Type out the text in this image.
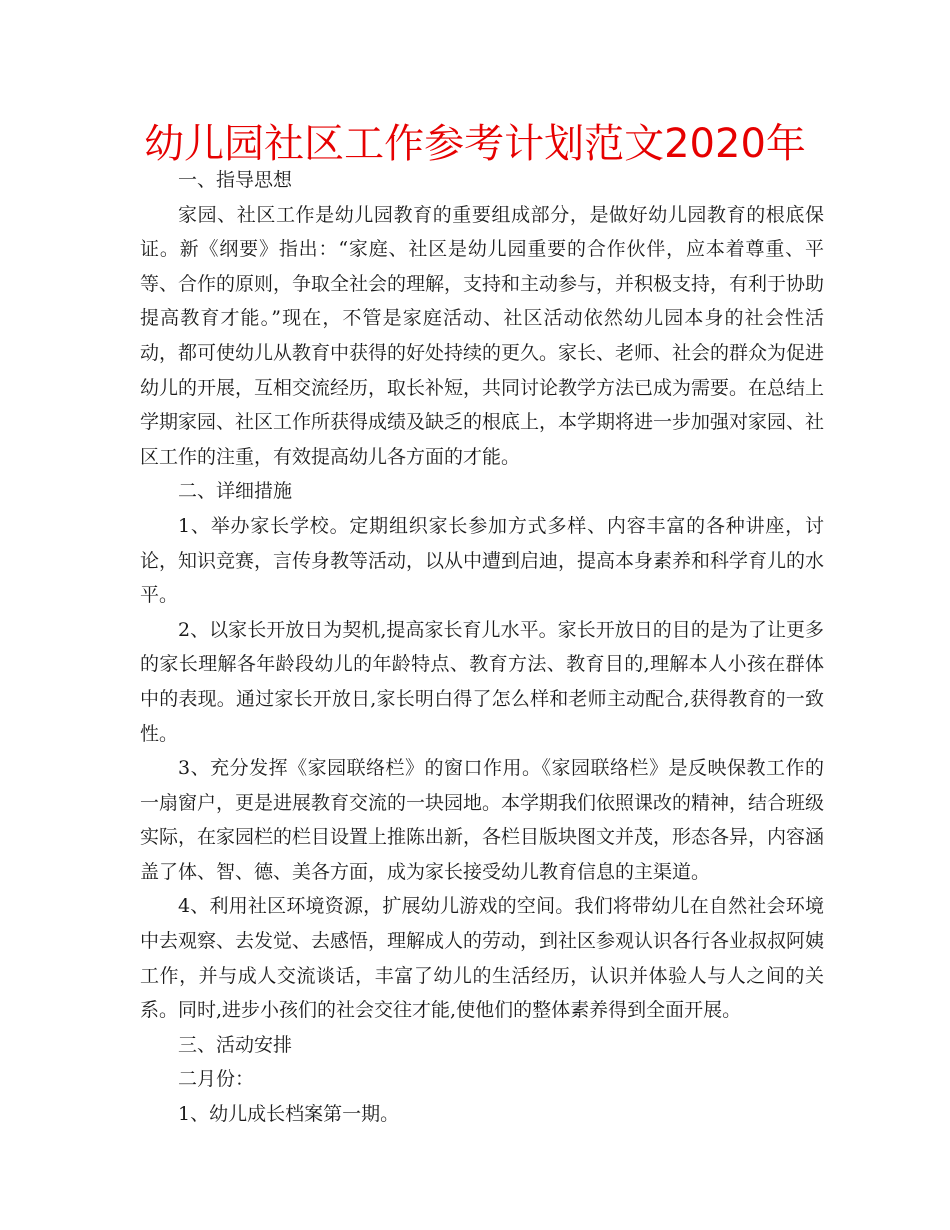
幼儿园社区工作参考计划范文2020年

一、指导思想

家园、社区工作是幼儿园教育的重要组成部分，是做好幼儿园教育的根底保证。新《纲要》指出：“家庭、社区是幼儿园重要的合作伙伴，应本着尊重、平等、合作的原则，争取全社会的理解，支持和主动参与，并积极支持，有利于协助提高教育才能。”现在，不管是家庭活动、社区活动依然幼儿园本身的社会性活动，都可使幼儿从教育中获得的好处持续的更久。家长、老师、社会的群众为促进幼儿的开展，互相交流经历，取长补短，共同讨论教学方法已成为需要。在总结上学期家园、社区工作所获得成绩及缺乏的根底上，本学期将进一步加强对家园、社区工作的注重，有效提高幼儿各方面的才能。

二、详细措施

1、举办家长学校。定期组织家长参加方式多样、内容丰富的各种讲座，讨论，知识竞赛，言传身教等活动，以从中遭到启迪，提高本身素养和科学育儿的水平。

2、以家长开放日为契机,提高家长育儿水平。家长开放日的目的是为了让更多的家长理解各年龄段幼儿的年龄特点、教育方法、教育目的,理解本人小孩在群体中的表现。通过家长开放日,家长明白得了怎么样和老师主动配合,获得教育的一致性。

3、充分发挥《家园联络栏》的窗口作用。《家园联络栏》是反映保教工作的一扇窗户，更是进展教育交流的一块园地。本学期我们依照课改的精神，结合班级实际，在家园栏的栏目设置上推陈出新，各栏目版块图文并茂，形态各异，内容涵盖了体、智、德、美各方面，成为家长接受幼儿教育信息的主渠道。

4、利用社区环境资源，扩展幼儿游戏的空间。我们将带幼儿在自然社会环境中去观察、去发觉、去感悟，理解成人的劳动，到社区参观认识各行各业叔叔阿姨工作，并与成人交流谈话，丰富了幼儿的生活经历，认识并体验人与人之间的关系。同时,进步小孩们的社会交往才能,使他们的整体素养得到全面开展。

三、活动安排

二月份：

1、幼儿成长档案第一期。
